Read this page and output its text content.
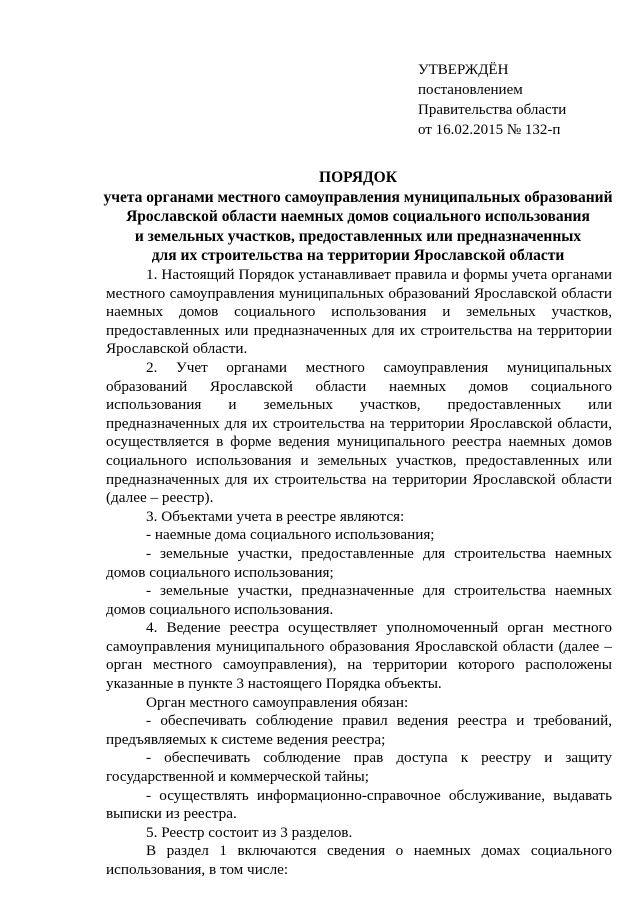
УТВЕРЖДЁН
постановлением
Правительства области
от 16.02.2015 № 132-п
ПОРЯДОК
учета органами местного самоуправления муниципальных образований
Ярославской области наемных домов социального использования
и земельных участков, предоставленных или предназначенных
для их строительства на территории Ярославской области

1. Настоящий Порядок устанавливает правила и формы учета органами местного самоуправления муниципальных образований Ярославской области наемных домов социального использования и земельных участков, предоставленных или предназначенных для их строительства на территории Ярославской области.

2. Учет органами местного самоуправления муниципальных образований Ярославской области наемных домов социального использования и земельных участков, предоставленных или предназначенных для их строительства на территории Ярославской области, осуществляется в форме ведения муниципального реестра наемных домов социального использования и земельных участков, предоставленных или предназначенных для их строительства на территории Ярославской области (далее – реестр).

3. Объектами учета в реестре являются:

- наемные дома социального использования;

- земельные участки, предоставленные для строительства наемных домов социального использования;

- земельные участки, предназначенные для строительства наемных домов социального использования.

4. Ведение реестра осуществляет уполномоченный орган местного самоуправления муниципального образования Ярославской области (далее – орган местного самоуправления), на территории которого расположены указанные в пункте 3 настоящего Порядка объекты.

Орган местного самоуправления обязан:

- обеспечивать соблюдение правил ведения реестра и требований, предъявляемых к системе ведения реестра;

- обеспечивать соблюдение прав доступа к реестру и защиту государственной и коммерческой тайны;

- осуществлять информационно-справочное обслуживание, выдавать выписки из реестра.

5. Реестр состоит из 3 разделов.

В раздел 1 включаются сведения о наемных домах социального использования, в том числе:
